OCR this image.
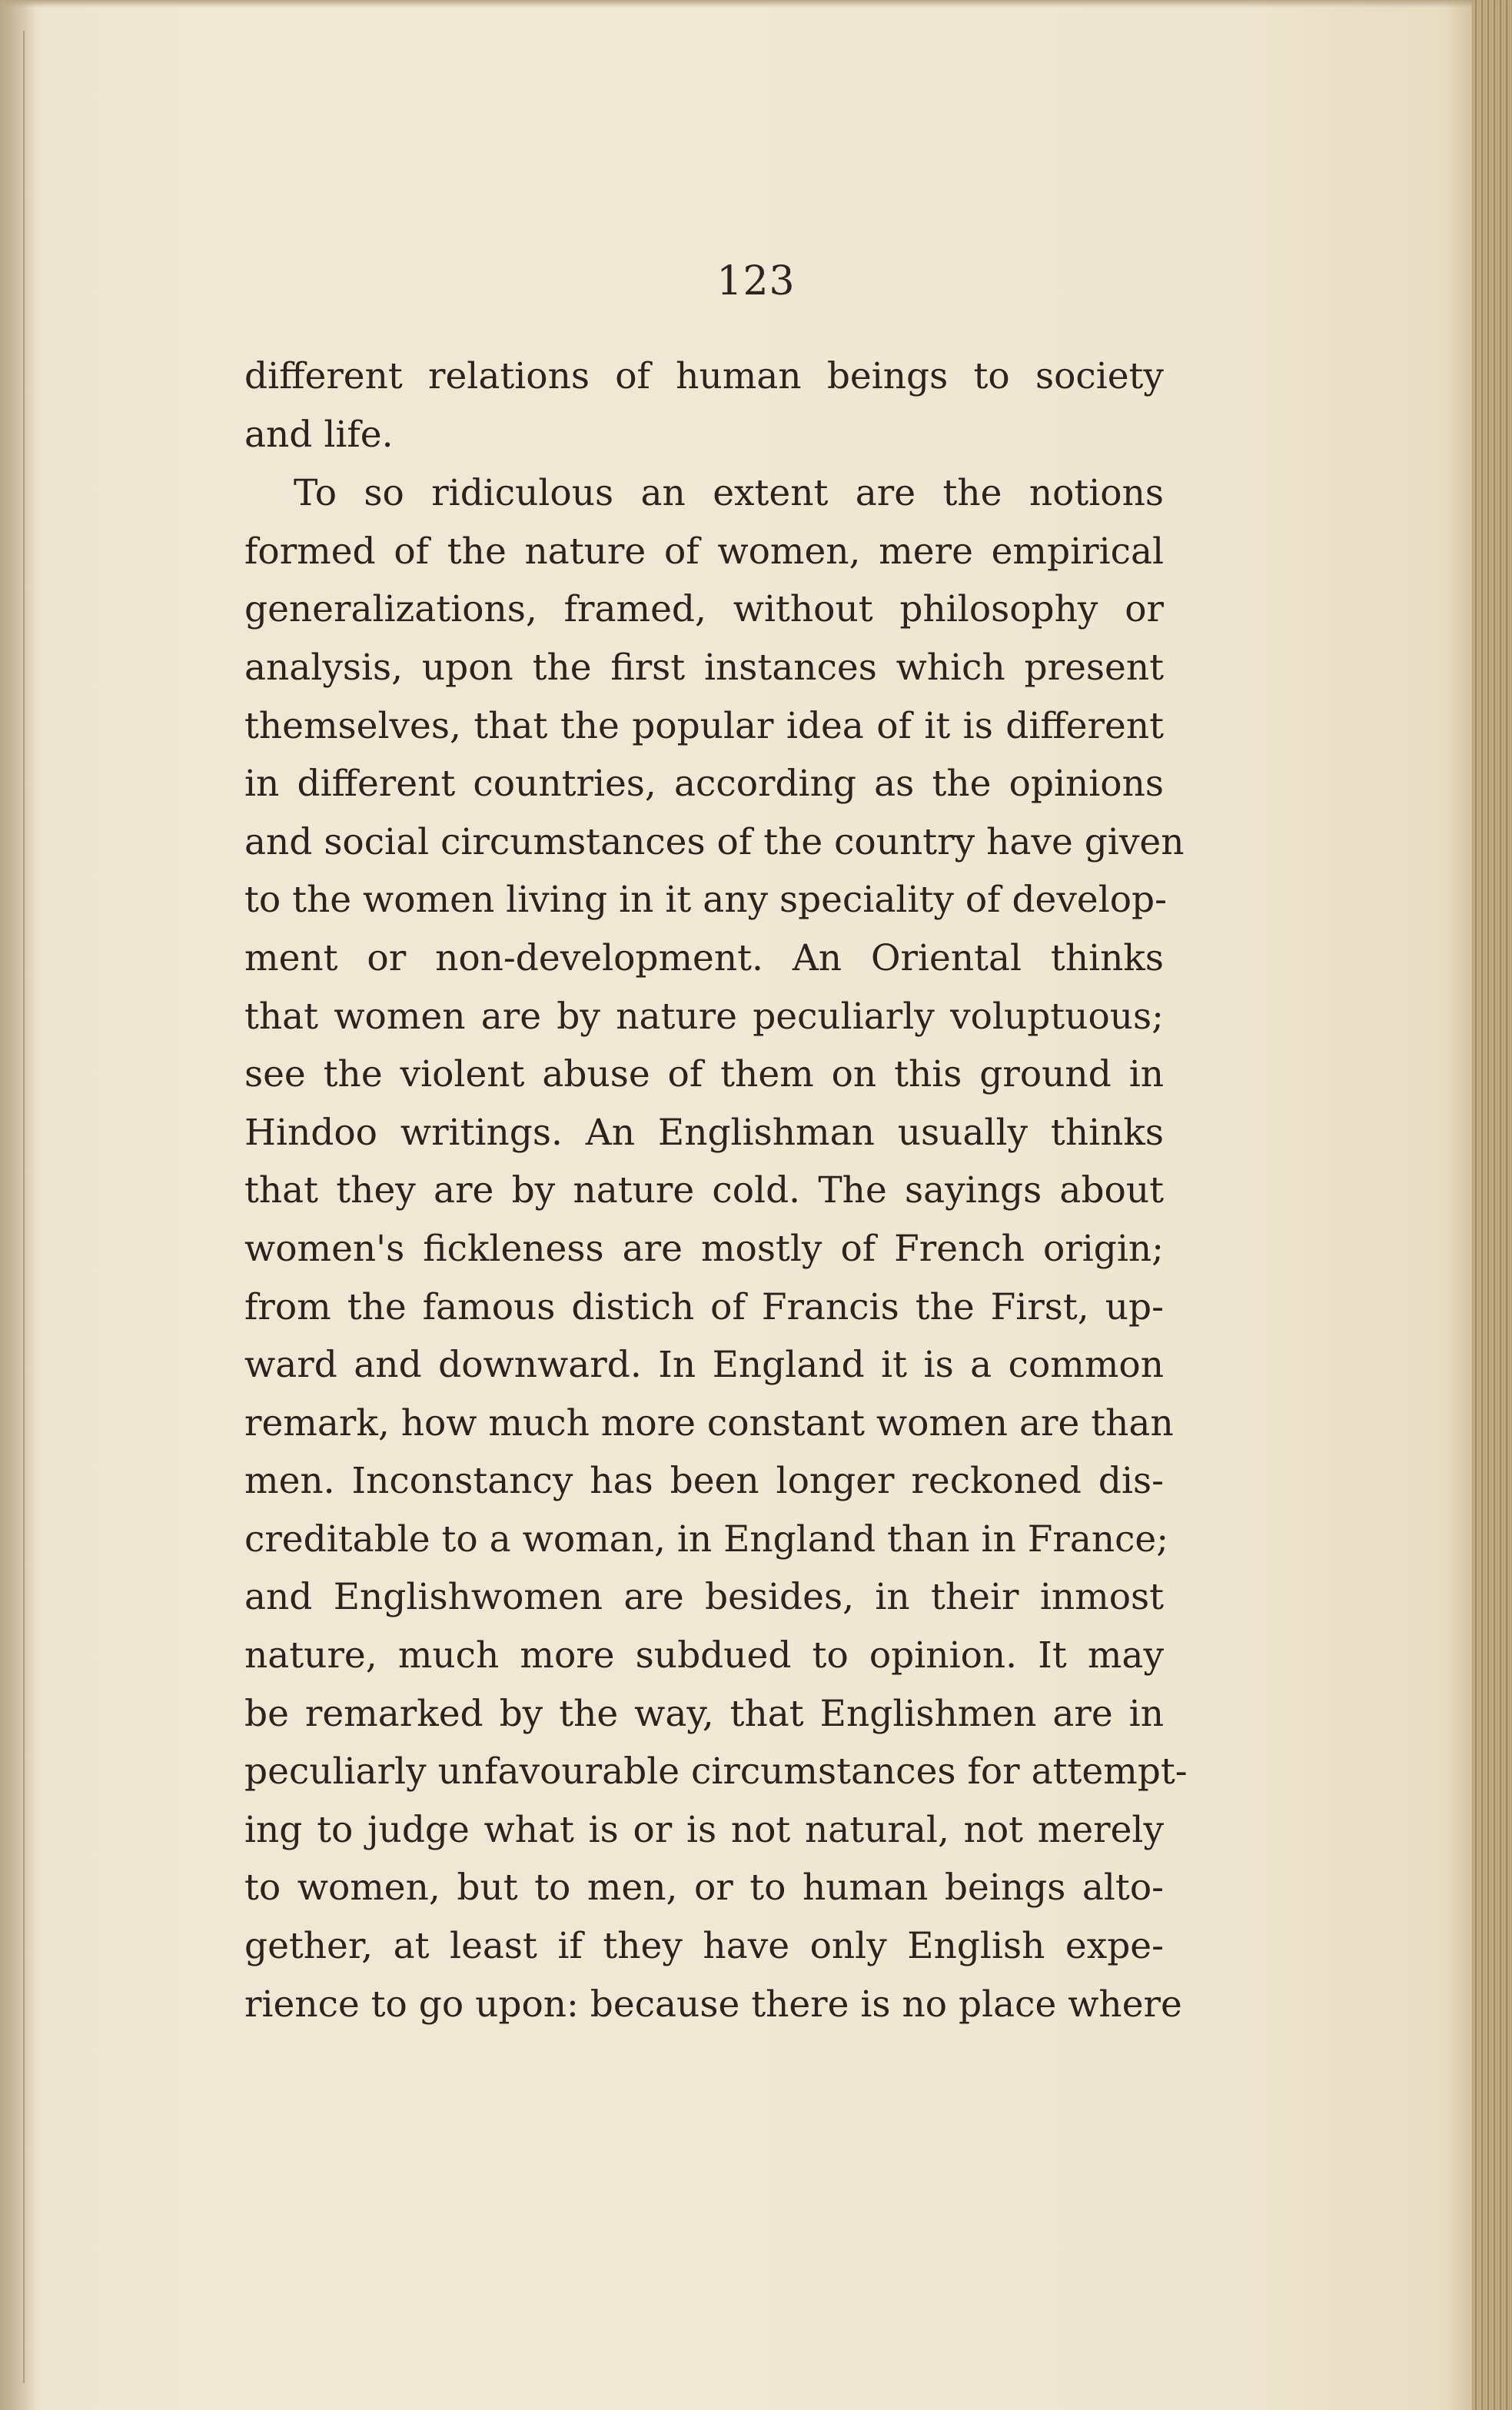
123
different relations of human beings to society
and life.
To so ridiculous an extent are the notions
formed of the nature of women, mere empirical
generalizations, framed, without philosophy or
analysis, upon the first instances which present
themselves, that the popular idea of it is different
in different countries, according as the opinions
and social circumstances of the country have given
to the women living in it any speciality of develop-
ment or non-development. An Oriental thinks
that women are by nature peculiarly voluptuous;
see the violent abuse of them on this ground in
Hindoo writings. An Englishman usually thinks
that they are by nature cold. The sayings about
women's fickleness are mostly of French origin;
from the famous distich of Francis the First, up-
ward and downward. In England it is a common
remark, how much more constant women are than
men. Inconstancy has been longer reckoned dis-
creditable to a woman, in England than in France;
and Englishwomen are besides, in their inmost
nature, much more subdued to opinion. It may
be remarked by the way, that Englishmen are in
peculiarly unfavourable circumstances for attempt-
ing to judge what is or is not natural, not merely
to women, but to men, or to human beings alto-
gether, at least if they have only English expe-
rience to go upon: because there is no place where
